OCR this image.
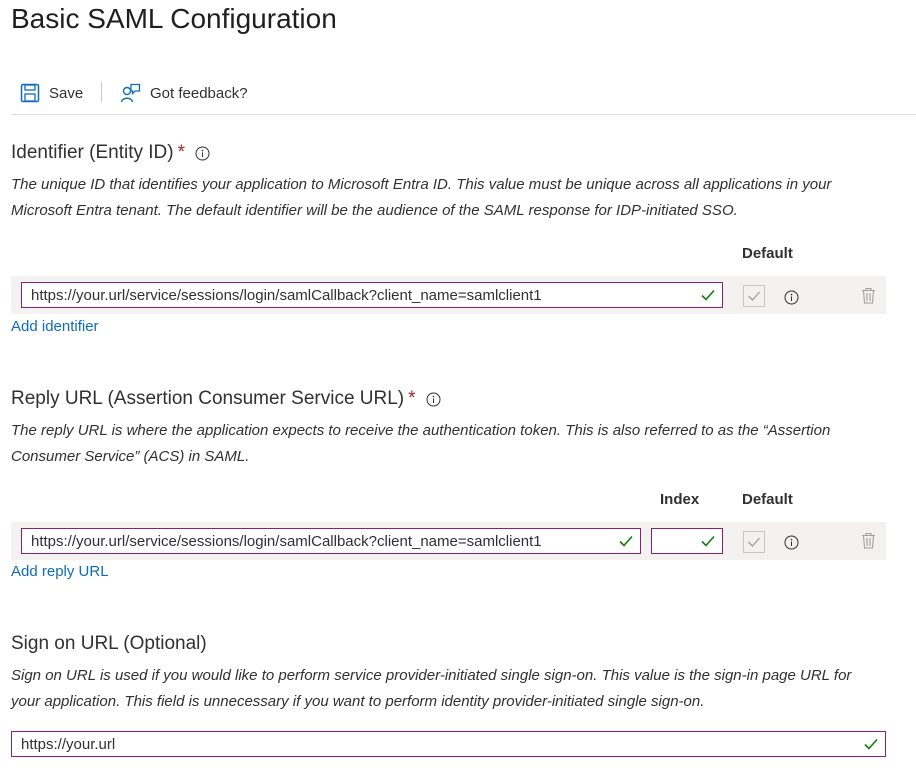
Basic SAML Configuration
Save	Got feedback?
Identifier (Entity ID) *
The unique ID that identifies your application to Microsoft Entra ID. This value must be unique across all applications in your Microsoft Entra tenant. The default identifier will be the audience of the SAML response for IDP-initiated SSO.
Default
https://your.url/service/sessions/login/samlCallback?client_name=samlclient1
Add identifier
Reply URL (Assertion Consumer Service URL) *
The reply URL is where the application expects to receive the authentication token. This is also referred to as the “Assertion Consumer Service” (ACS) in SAML.
Index	Default
https://your.url/service/sessions/login/samlCallback?client_name=samlclient1
Add reply URL
Sign on URL (Optional)
Sign on URL is used if you would like to perform service provider-initiated single sign-on. This value is the sign-in page URL for your application. This field is unnecessary if you want to perform identity provider-initiated single sign-on.
https://your.url
